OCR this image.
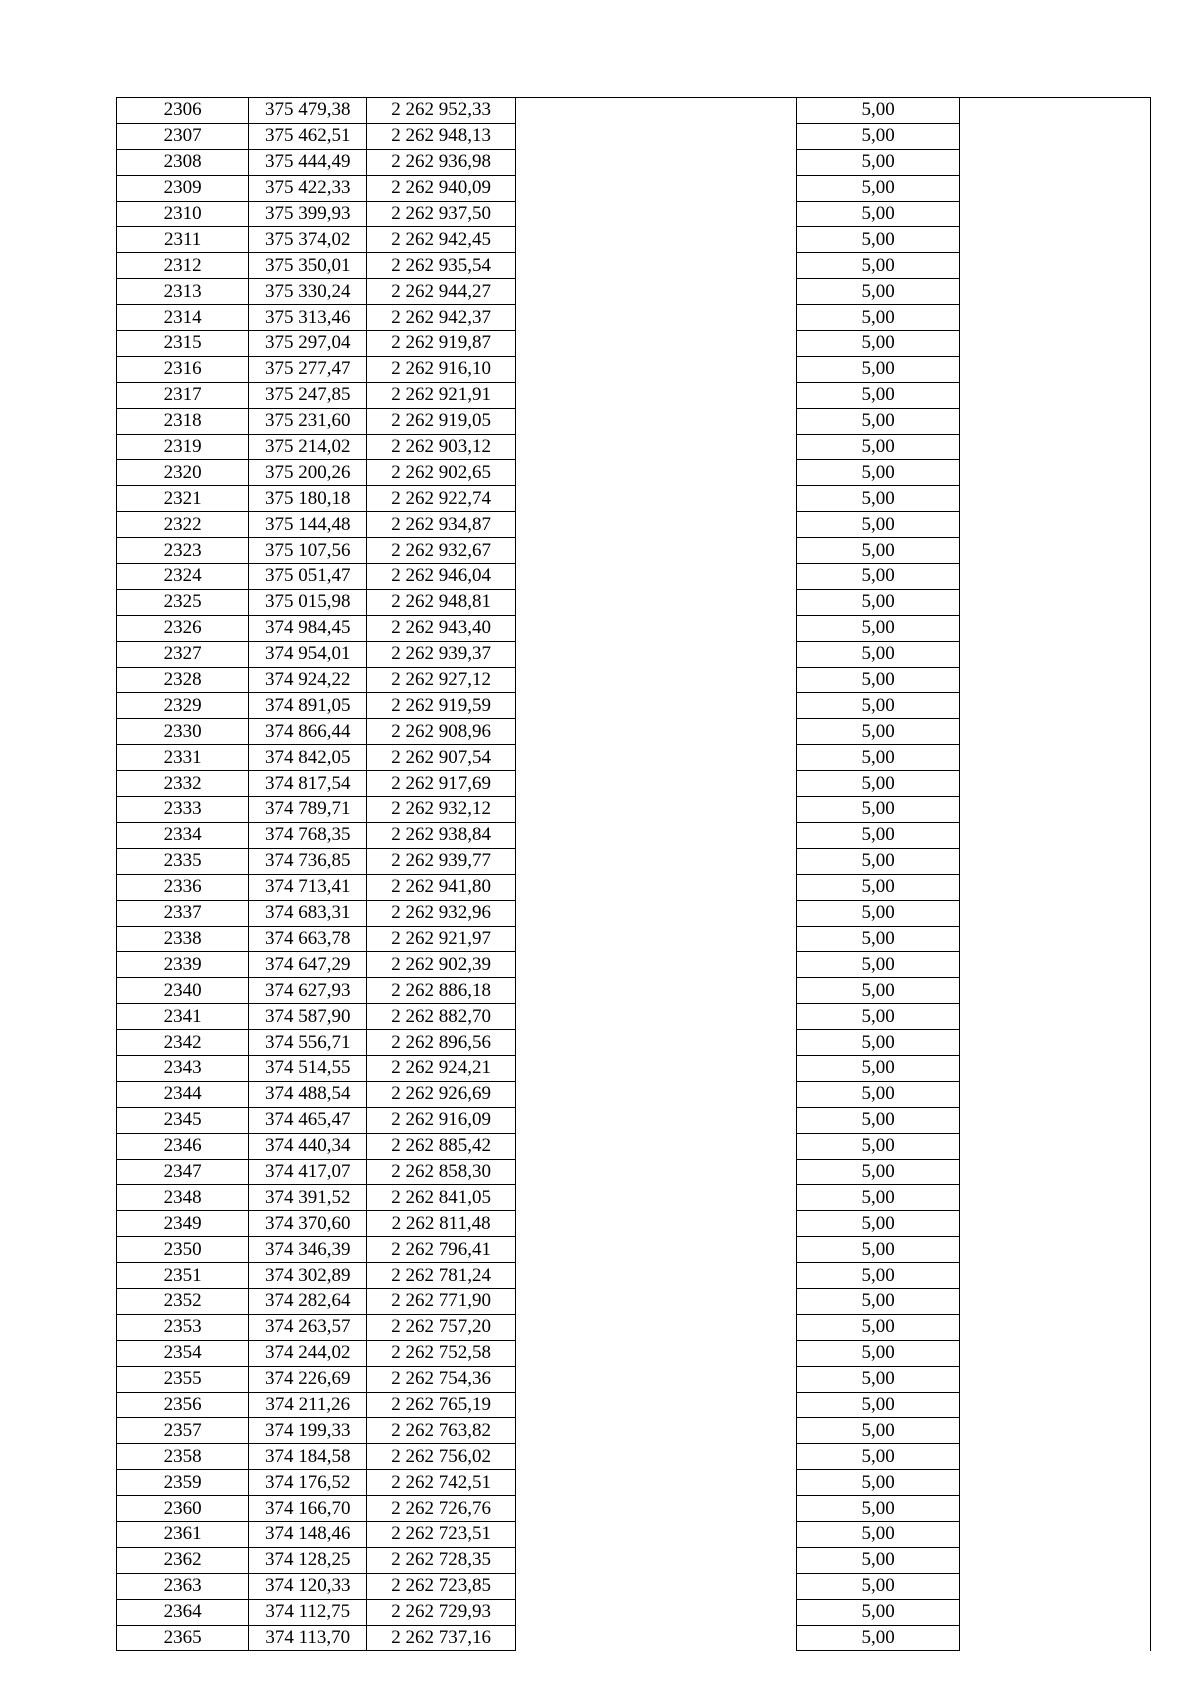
2306	375 479,38	2 262 952,33		5,00	
2307	375 462,51	2 262 948,13		5,00	
2308	375 444,49	2 262 936,98		5,00	
2309	375 422,33	2 262 940,09		5,00	
2310	375 399,93	2 262 937,50		5,00	
2311	375 374,02	2 262 942,45		5,00	
2312	375 350,01	2 262 935,54		5,00	
2313	375 330,24	2 262 944,27		5,00	
2314	375 313,46	2 262 942,37		5,00	
2315	375 297,04	2 262 919,87		5,00	
2316	375 277,47	2 262 916,10		5,00	
2317	375 247,85	2 262 921,91		5,00	
2318	375 231,60	2 262 919,05		5,00	
2319	375 214,02	2 262 903,12		5,00	
2320	375 200,26	2 262 902,65		5,00	
2321	375 180,18	2 262 922,74		5,00	
2322	375 144,48	2 262 934,87		5,00	
2323	375 107,56	2 262 932,67		5,00	
2324	375 051,47	2 262 946,04		5,00	
2325	375 015,98	2 262 948,81		5,00	
2326	374 984,45	2 262 943,40		5,00	
2327	374 954,01	2 262 939,37		5,00	
2328	374 924,22	2 262 927,12		5,00	
2329	374 891,05	2 262 919,59		5,00	
2330	374 866,44	2 262 908,96		5,00	
2331	374 842,05	2 262 907,54		5,00	
2332	374 817,54	2 262 917,69		5,00	
2333	374 789,71	2 262 932,12		5,00	
2334	374 768,35	2 262 938,84		5,00	
2335	374 736,85	2 262 939,77		5,00	
2336	374 713,41	2 262 941,80		5,00	
2337	374 683,31	2 262 932,96		5,00	
2338	374 663,78	2 262 921,97		5,00	
2339	374 647,29	2 262 902,39		5,00	
2340	374 627,93	2 262 886,18		5,00	
2341	374 587,90	2 262 882,70		5,00	
2342	374 556,71	2 262 896,56		5,00	
2343	374 514,55	2 262 924,21		5,00	
2344	374 488,54	2 262 926,69		5,00	
2345	374 465,47	2 262 916,09		5,00	
2346	374 440,34	2 262 885,42		5,00	
2347	374 417,07	2 262 858,30		5,00	
2348	374 391,52	2 262 841,05		5,00	
2349	374 370,60	2 262 811,48		5,00	
2350	374 346,39	2 262 796,41		5,00	
2351	374 302,89	2 262 781,24		5,00	
2352	374 282,64	2 262 771,90		5,00	
2353	374 263,57	2 262 757,20		5,00	
2354	374 244,02	2 262 752,58		5,00	
2355	374 226,69	2 262 754,36		5,00	
2356	374 211,26	2 262 765,19		5,00	
2357	374 199,33	2 262 763,82		5,00	
2358	374 184,58	2 262 756,02		5,00	
2359	374 176,52	2 262 742,51		5,00	
2360	374 166,70	2 262 726,76		5,00	
2361	374 148,46	2 262 723,51		5,00	
2362	374 128,25	2 262 728,35		5,00	
2363	374 120,33	2 262 723,85		5,00	
2364	374 112,75	2 262 729,93		5,00	
2365	374 113,70	2 262 737,16		5,00	
